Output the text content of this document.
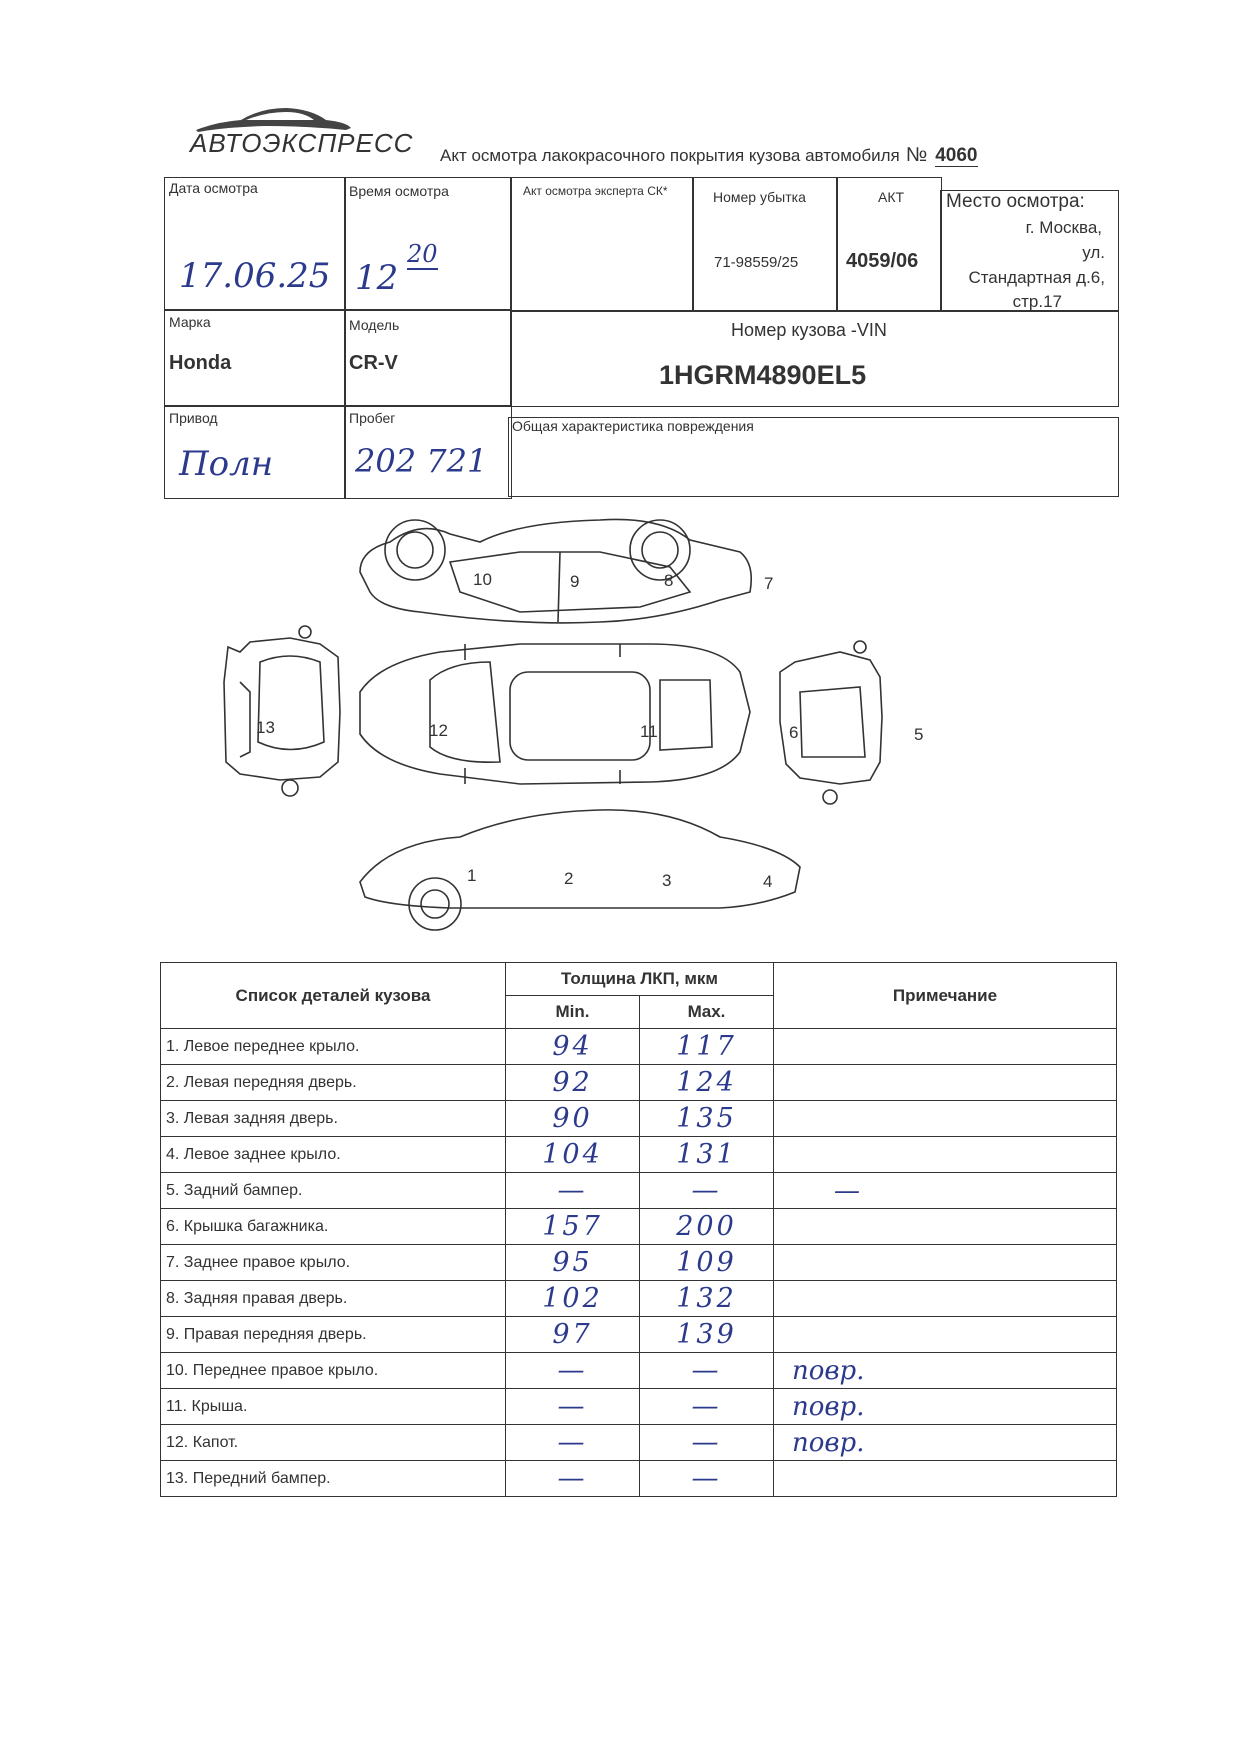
АВТОЭКСПРЕСС Акт осмотра лакокрасочного покрытия кузова автомобиля № 4060
Дата осмотра
17.06.25
Время осмотра
12
20
Акт осмотра эксперта СК*	Номер убытка
71-98559/25
АКТ
4059/06
Место осмотра:
г. Москва,
ул.
Стандартная д.6,
стр.17
Марка
Honda
Модель
CR-V
Номер кузова -VIN
1HGRM4890EL5
Привод
Полн
Пробег
202 721
Общая характеристика повреждения
10	9	8	7
13	12	11	6	5
1	2	3	4
Список деталей кузова	Толщина ЛКП, мкм		Примечание
	Min.	Max.	
1. Левое переднее крыло.	94	117	
2. Левая передняя дверь.	92	124	
3. Левая задняя дверь.	90	135	
4. Левое заднее крыло.	104	131	
5. Задний бампер.	—	—	—
6. Крышка багажника.	157	200	
7. Заднее правое крыло.	95	109	
8. Задняя правая дверь.	102	132	
9. Правая передняя дверь.	97	139	
10. Переднее правое крыло.	—	—	повр.
11. Крыша.	—	—	повр.
12. Капот.	—	—	повр.
13. Передний бампер.	—	—	
